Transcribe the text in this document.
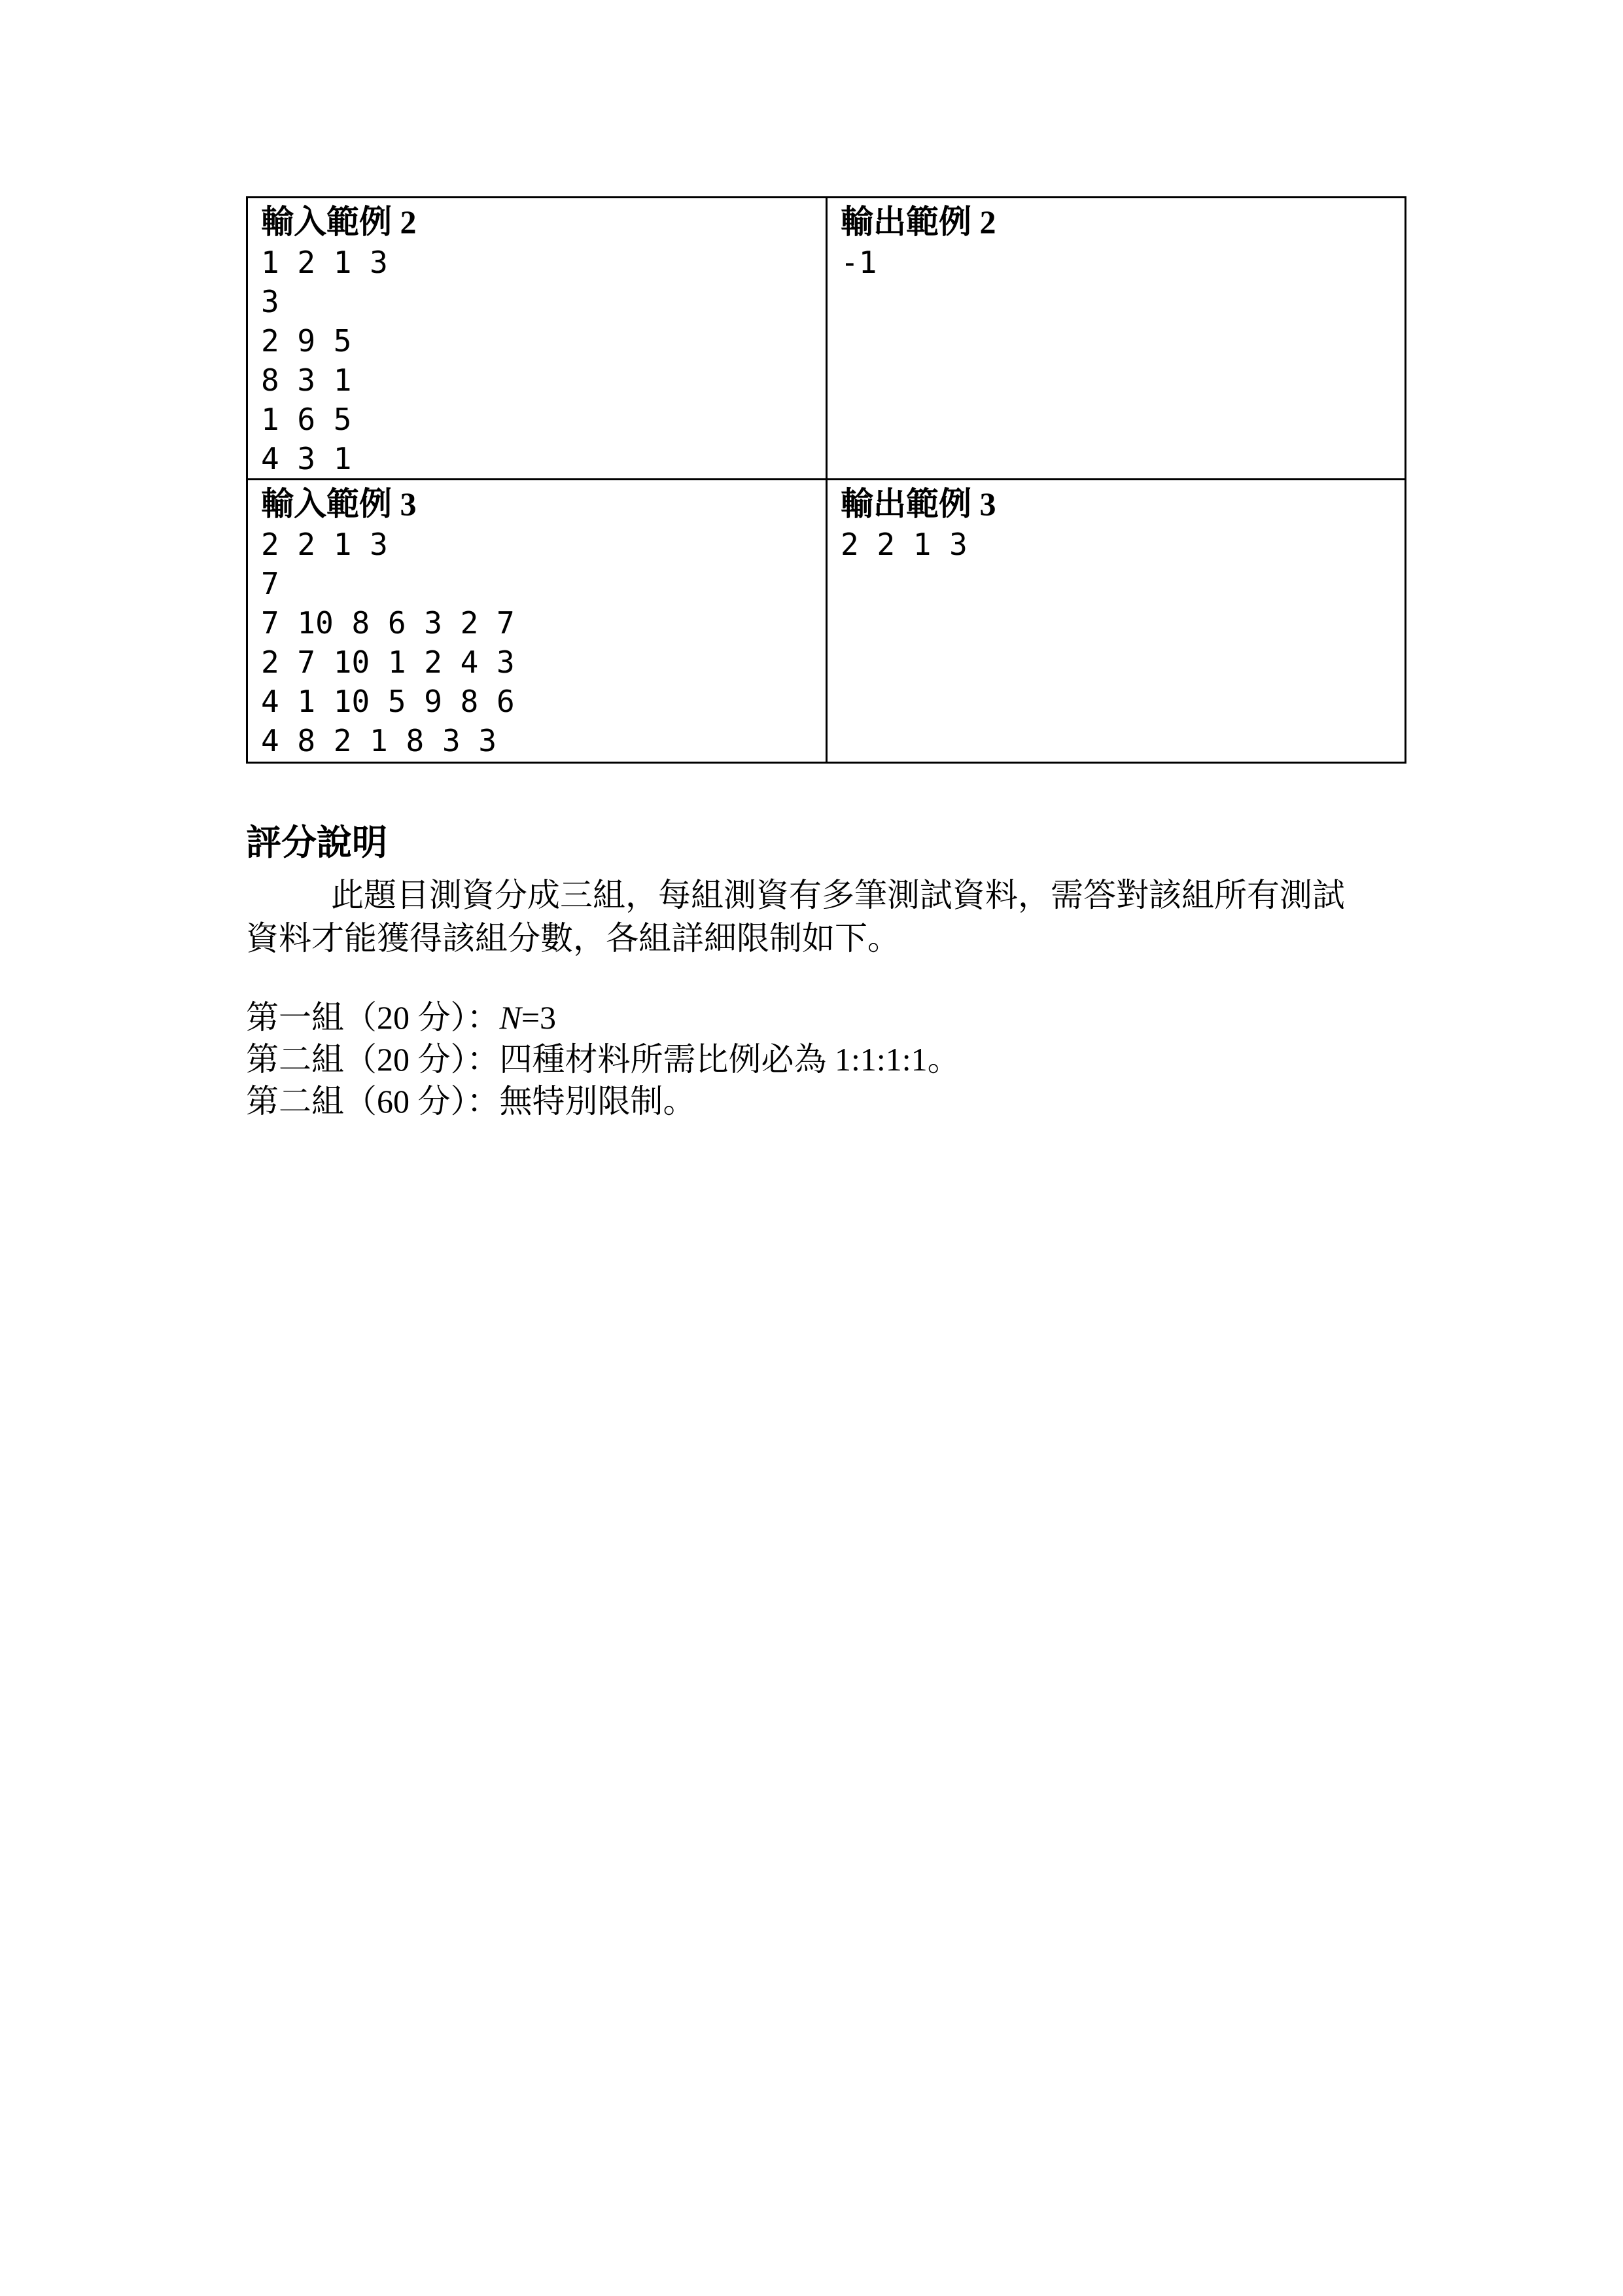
輸入範例 2
1 2 1 3
3
2 9 5
8 3 1
1 6 5
4 3 1

輸出範例 2
-1

輸入範例 3
2 2 1 3
7
7 10 8 6 3 2 7
2 7 10 1 2 4 3
4 1 10 5 9 8 6
4 8 2 1 8 3 3

輸出範例 3
2 2 1 3
評分說明
此題目測資分成三組，每組測資有多筆測試資料，需答對該組所有測試
資料才能獲得該組分數，各組詳細限制如下。
第一組（20 分）：N=3
第二組（20 分）：四種材料所需比例必為 1:1:1:1。
第二組（60 分）：無特別限制。
